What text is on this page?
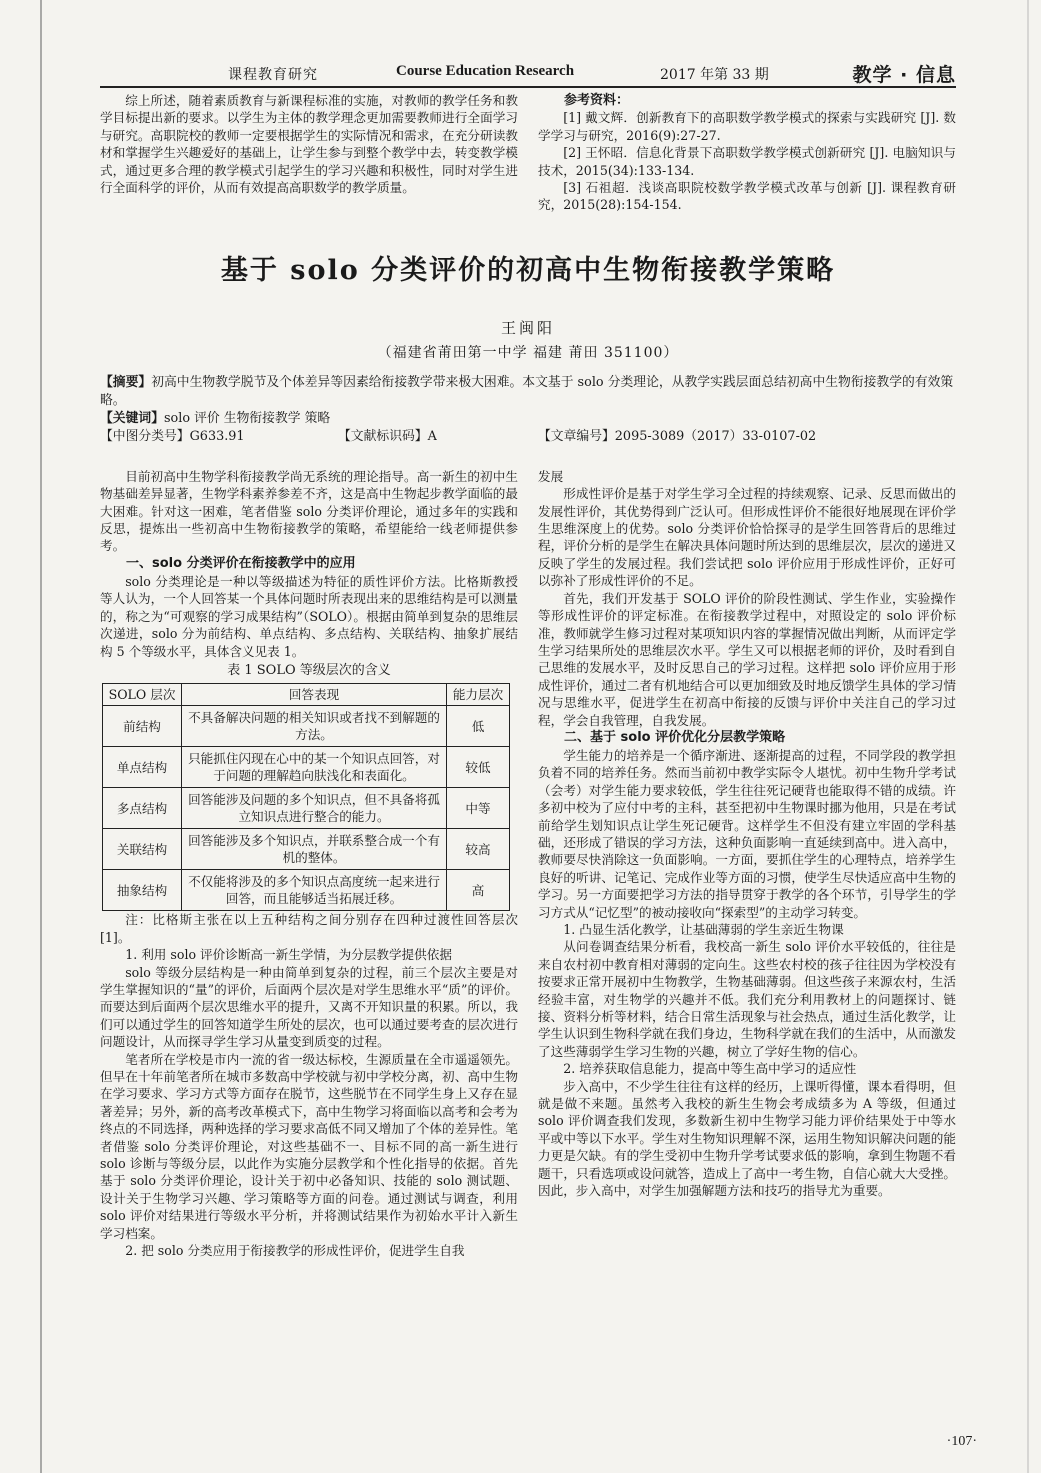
课程教育研究	Course Education Research	2017 年第 33 期	教学 · 信息

综上所述，随着素质教育与新课程标准的实施，对教师的教学任务和教学目标提出新的要求。以学生为主体的教学理念更加需要教师进行全面学习与研究。高职院校的教师一定要根据学生的实际情况和需求，在充分研读教材和掌握学生兴趣爱好的基础上，让学生参与到整个教学中去，转变教学模式，通过更多合理的教学模式引起学生的学习兴趣和积极性，同时对学生进行全面科学的评价，从而有效提高高职数学的教学质量。

参考资料：

[1] 戴文辉．创新教育下的高职数学教学模式的探索与实践研究 [J]. 数学学习与研究，2016(9):27-27.

[2] 王怀昭．信息化背景下高职数学教学模式创新研究 [J]. 电脑知识与技术，2015(34):133-134.

[3] 石祖超．浅谈高职院校数学教学模式改革与创新 [J]. 课程教育研究，2015(28):154-154.

基于 solo 分类评价的初高中生物衔接教学策略
王闽阳
（福建省莆田第一中学 福建 莆田 351100）
【摘要】初高中生物教学脱节及个体差异等因素给衔接教学带来极大困难。本文基于 solo 分类理论，从教学实践层面总结初高中生物衔接教学的有效策略。
【关键词】solo 评价 生物衔接教学 策略
【中图分类号】G633.91	【文献标识码】A	【文章编号】2095-3089（2017）33-0107-02

目前初高中生物学科衔接教学尚无系统的理论指导。高一新生的初中生物基础差异显著，生物学科素养参差不齐，这是高中生物起步教学面临的最大困难。针对这一困难，笔者借鉴 solo 分类评价理论，通过多年的实践和反思，提炼出一些初高中生物衔接教学的策略，希望能给一线老师提供参考。

一、solo 分类评价在衔接教学中的应用

solo 分类理论是一种以等级描述为特征的质性评价方法。比格斯教授等人认为，一个人回答某一个具体问题时所表现出来的思维结构是可以测量的，称之为“可观察的学习成果结构”（SOLO）。根据由简单到复杂的思维层次递进，solo 分为前结构、单点结构、多点结构、关联结构、抽象扩展结构 5 个等级水平，具体含义见表 1。

表 1 SOLO 等级层次的含义
SOLO 层次	回答表现	能力层次
前结构	不具备解决问题的相关知识或者找不到解题的方法。	低
单点结构	只能抓住闪现在心中的某一个知识点回答，对于问题的理解趋向肤浅化和表面化。	较低
多点结构	回答能涉及问题的多个知识点，但不具备将孤立知识点进行整合的能力。	中等
关联结构	回答能涉及多个知识点，并联系整合成一个有机的整体。	较高
抽象结构	不仅能将涉及的多个知识点高度统一起来进行回答，而且能够适当拓展迁移。	高

注：比格斯主张在以上五种结构之间分别存在四种过渡性回答层次 [1]。

1. 利用 solo 评价诊断高一新生学情，为分层教学提供依据

solo 等级分层结构是一种由简单到复杂的过程，前三个层次主要是对学生掌握知识的“量”的评价，后面两个层次是对学生思维水平“质”的评价。而要达到后面两个层次思维水平的提升，又离不开知识量的积累。所以，我们可以通过学生的回答知道学生所处的层次，也可以通过要考查的层次进行问题设计，从而探寻学生学习从量变到质变的过程。

笔者所在学校是市内一流的省一级达标校，生源质量在全市遥遥领先。但早在十年前笔者所在城市多数高中学校就与初中学校分离，初、高中生物在学习要求、学习方式等方面存在脱节，这些脱节在不同学生身上又存在显著差异；另外，新的高考改革模式下，高中生物学习将面临以高考和会考为终点的不同选择，两种选择的学习要求高低不同又增加了个体的差异性。笔者借鉴 solo 分类评价理论，对这些基础不一、目标不同的高一新生进行 solo 诊断与等级分层，以此作为实施分层教学和个性化指导的依据。首先基于 solo 分类评价理论，设计关于初中必备知识、技能的 solo 测试题、设计关于生物学习兴趣、学习策略等方面的问卷。通过测试与调查，利用 solo 评价对结果进行等级水平分析，并将测试结果作为初始水平计入新生学习档案。

2. 把 solo 分类应用于衔接教学的形成性评价，促进学生自我

发展

形成性评价是基于对学生学习全过程的持续观察、记录、反思而做出的发展性评价，其优势得到广泛认可。但形成性评价不能很好地展现在评价学生思维深度上的优势。solo 分类评价恰恰探寻的是学生回答背后的思维过程，评价分析的是学生在解决具体问题时所达到的思维层次，层次的递进又反映了学生的发展过程。我们尝试把 solo 评价应用于形成性评价，正好可以弥补了形成性评价的不足。

首先，我们开发基于 SOLO 评价的阶段性测试、学生作业，实验操作等形成性评价的评定标准。在衔接教学过程中，对照设定的 solo 评价标准，教师就学生修习过程对某项知识内容的掌握情况做出判断，从而评定学生学习结果所处的思维层次水平。学生又可以根据老师的评价，及时看到自己思维的发展水平，及时反思自己的学习过程。这样把 solo 评价应用于形成性评价，通过二者有机地结合可以更加细致及时地反馈学生具体的学习情况与思维水平，促进学生在初高中衔接的反馈与评价中关注自己的学习过程，学会自我管理，自我发展。

二、基于 solo 评价优化分层教学策略

学生能力的培养是一个循序渐进、逐渐提高的过程，不同学段的教学担负着不同的培养任务。然而当前初中教学实际令人堪忧。初中生物升学考试（会考）对学生能力要求较低，学生往往死记硬背也能取得不错的成绩。许多初中校为了应付中考的主科，甚至把初中生物课时挪为他用，只是在考试前给学生划知识点让学生死记硬背。这样学生不但没有建立牢固的学科基础，还形成了错误的学习方法，这种负面影响一直延续到高中。进入高中，教师要尽快消除这一负面影响。一方面，要抓住学生的心理特点，培养学生良好的听讲、记笔记、完成作业等方面的习惯，使学生尽快适应高中生物的学习。另一方面要把学习方法的指导贯穿于教学的各个环节，引导学生的学习方式从“记忆型”的被动接收向“探索型”的主动学习转变。

1. 凸显生活化教学，让基础薄弱的学生亲近生物课

从问卷调查结果分析看，我校高一新生 solo 评价水平较低的，往往是来自农村初中教育相对薄弱的定向生。这些农村校的孩子往往因为学校没有按要求正常开展初中生物教学，生物基础薄弱。但这些孩子来源农村，生活经验丰富，对生物学的兴趣并不低。我们充分利用教材上的问题探讨、链接、资料分析等材料，结合日常生活现象与社会热点，通过生活化教学，让学生认识到生物科学就在我们身边，生物科学就在我们的生活中，从而激发了这些薄弱学生学习生物的兴趣，树立了学好生物的信心。

2. 培养获取信息能力，提高中等生高中学习的适应性

步入高中，不少学生往往有这样的经历，上课听得懂，课本看得明，但就是做不来题。虽然考入我校的新生生物会考成绩多为 A 等级，但通过 solo 评价调查我们发现，多数新生初中生物学习能力评价结果处于中等水平或中等以下水平。学生对生物知识理解不深，运用生物知识解决问题的能力更是欠缺。有的学生受初中生物升学考试要求低的影响，拿到生物题不看题干，只看选项或设问就答，造成上了高中一考生物，自信心就大大受挫。因此，步入高中，对学生加强解题方法和技巧的指导尤为重要。

·107·
